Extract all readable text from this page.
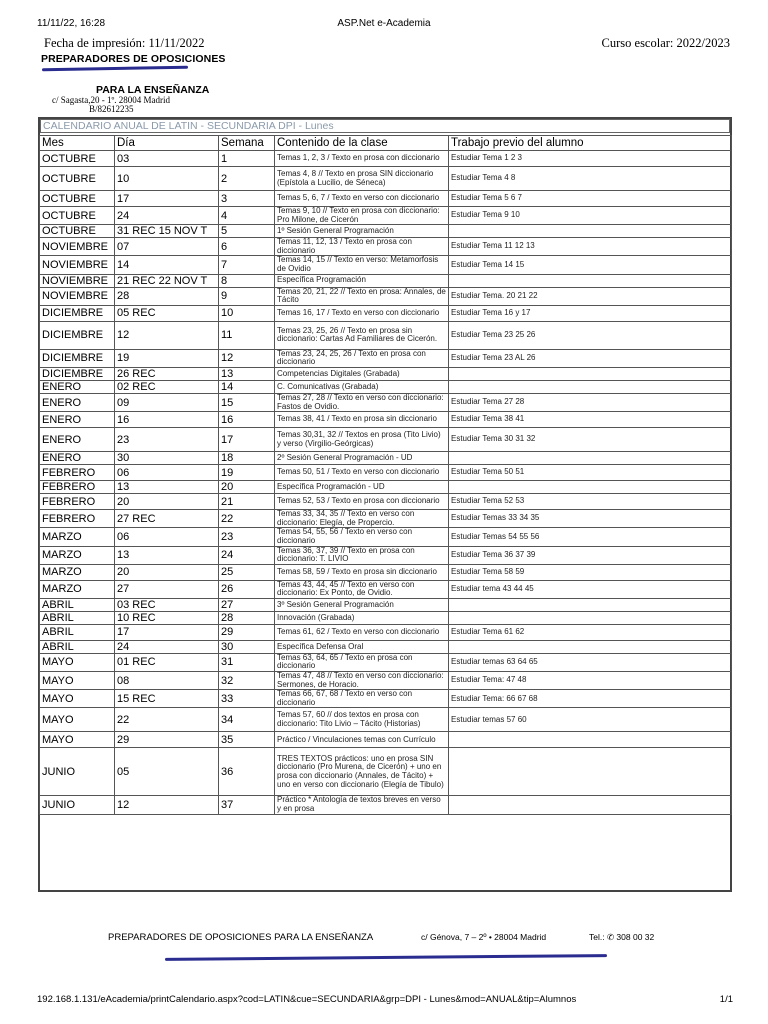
11/11/22, 16:28	ASP.Net e-Academia
Fecha de impresión: 11/11/2022	Curso escolar: 2022/2023
PREPARADORES DE OPOSICIONES
PARA LA ENSEÑANZA
c/ Sagasta,20 - 1º. 28004 Madrid
B/82612235
CALENDARIO ANUAL DE LATIN - SECUNDARIA DPI - Lunes
Mes	Día	Semana	Contenido de la clase	Trabajo previo del alumno
OCTUBRE	03	1	Temas 1, 2, 3 / Texto en prosa con diccionario	Estudiar Tema 1 2 3
OCTUBRE	10	2	Temas 4, 8 // Texto en prosa SIN diccionario (Epístola a Lucilio, de Séneca)	Estudiar Tema 4 8
OCTUBRE	17	3	Temas 5, 6, 7 / Texto en verso con diccionario	Estudiar Tema 5 6 7
OCTUBRE	24	4	Temas 9, 10 // Texto en prosa con diccionario: Pro Milone, de Cicerón	Estudiar Tema 9 10
OCTUBRE	31 REC 15 NOV T	5	1º Sesión General Programación	
NOVIEMBRE	07	6	Temas 11, 12, 13 / Texto en prosa con diccionario	Estudiar Tema 11 12 13
NOVIEMBRE	14	7	Temas 14, 15 // Texto en verso: Metamorfosis de Ovidio	Estudiar Tema 14 15
NOVIEMBRE	21 REC 22 NOV T	8	Específica Programación	
NOVIEMBRE	28	9	Temas 20, 21, 22 // Texto en prosa: Annales, de Tácito	Estudiar Tema. 20 21 22
DICIEMBRE	05 REC	10	Temas 16, 17 / Texto en verso con diccionario	Estudiar Tema 16 y 17
DICIEMBRE	12	11	Temas 23, 25, 26 // Texto en prosa sin diccionario: Cartas Ad Familiares de Cicerón.	Estudiar Tema 23 25 26
DICIEMBRE	19	12	Temas 23, 24, 25, 26 / Texto en prosa con diccionario	Estudiar Tema 23 AL 26
DICIEMBRE	26 REC	13	Competencias Digitales (Grabada)	
ENERO	02 REC	14	C. Comunicativas (Grabada)	
ENERO	09	15	Temas 27, 28 // Texto en verso con diccionario: Fastos de Ovidio.	Estudiar Tema 27 28
ENERO	16	16	Temas 38, 41 / Texto en prosa sin diccionario	Estudiar Tema 38 41
ENERO	23	17	Temas 30,31, 32 // Textos en prosa (Tito Livio) y verso (Virgilio-Geórgicas)	Estudiar Tema 30 31 32
ENERO	30	18	2º Sesión General Programación - UD	
FEBRERO	06	19	Temas 50, 51 / Texto en verso con diccionario	Estudiar Tema 50 51
FEBRERO	13	20	Específica Programación - UD	
FEBRERO	20	21	Temas 52, 53 / Texto en prosa con diccionario	Estudiar Tema 52 53
FEBRERO	27 REC	22	Temas 33, 34, 35 // Texto en verso con diccionario: Elegía, de Propercio.	Estudiar Temas 33 34 35
MARZO	06	23	Temas 54, 55, 56 / Texto en verso con diccionario	Estudiar Temas 54 55 56
MARZO	13	24	Temas 36, 37, 39 // Texto en prosa con diccionario: T. LIVIO	Estudiar Tema 36 37 39
MARZO	20	25	Temas 58, 59 / Texto en prosa sin diccionario	Estudiar Tema 58 59
MARZO	27	26	Temas 43, 44, 45 // Texto en verso con diccionario: Ex Ponto, de Ovidio.	Estudiar tema 43 44 45
ABRIL	03 REC	27	3º Sesión General Programación	
ABRIL	10 REC	28	Innovación (Grabada)	
ABRIL	17	29	Temas 61, 62 / Texto en verso con diccionario	Estudiar Tema 61 62
ABRIL	24	30	Específica Defensa Oral	
MAYO	01 REC	31	Temas 63, 64, 65 / Texto en prosa con diccionario	Estudiar temas 63 64 65
MAYO	08	32	Temas 47, 48 // Texto en verso con diccionario: Sermones, de Horacio.	Estudiar Tema: 47 48
MAYO	15 REC	33	Temas 66, 67, 68 / Texto en verso con diccionario	Estudiar Tema: 66 67 68
MAYO	22	34	Temas 57, 60 // dos textos en prosa con diccionario: Tito Livio – Tácito (Historias)	Estudiar temas 57 60
MAYO	29	35	Práctico / Vinculaciones temas con Currículo	
JUNIO	05	36	TRES TEXTOS prácticos: uno en prosa SIN diccionario (Pro Murena, de Cicerón) + uno en prosa con diccionario (Annales, de Tácito) + uno en verso con diccionario (Elegía de Tibulo)	
JUNIO	12	37	Práctico * Antología de textos breves en verso y en prosa	
PREPARADORES DE OPOSICIONES PARA LA ENSEÑANZA	c/ Génova, 7 – 2º • 28004 Madrid	Tel.: ✆ 308 00 32
192.168.1.131/eAcademia/printCalendario.aspx?cod=LATIN&cue=SECUNDARIA&grp=DPI - Lunes&mod=ANUAL&tip=Alumnos	1/1
